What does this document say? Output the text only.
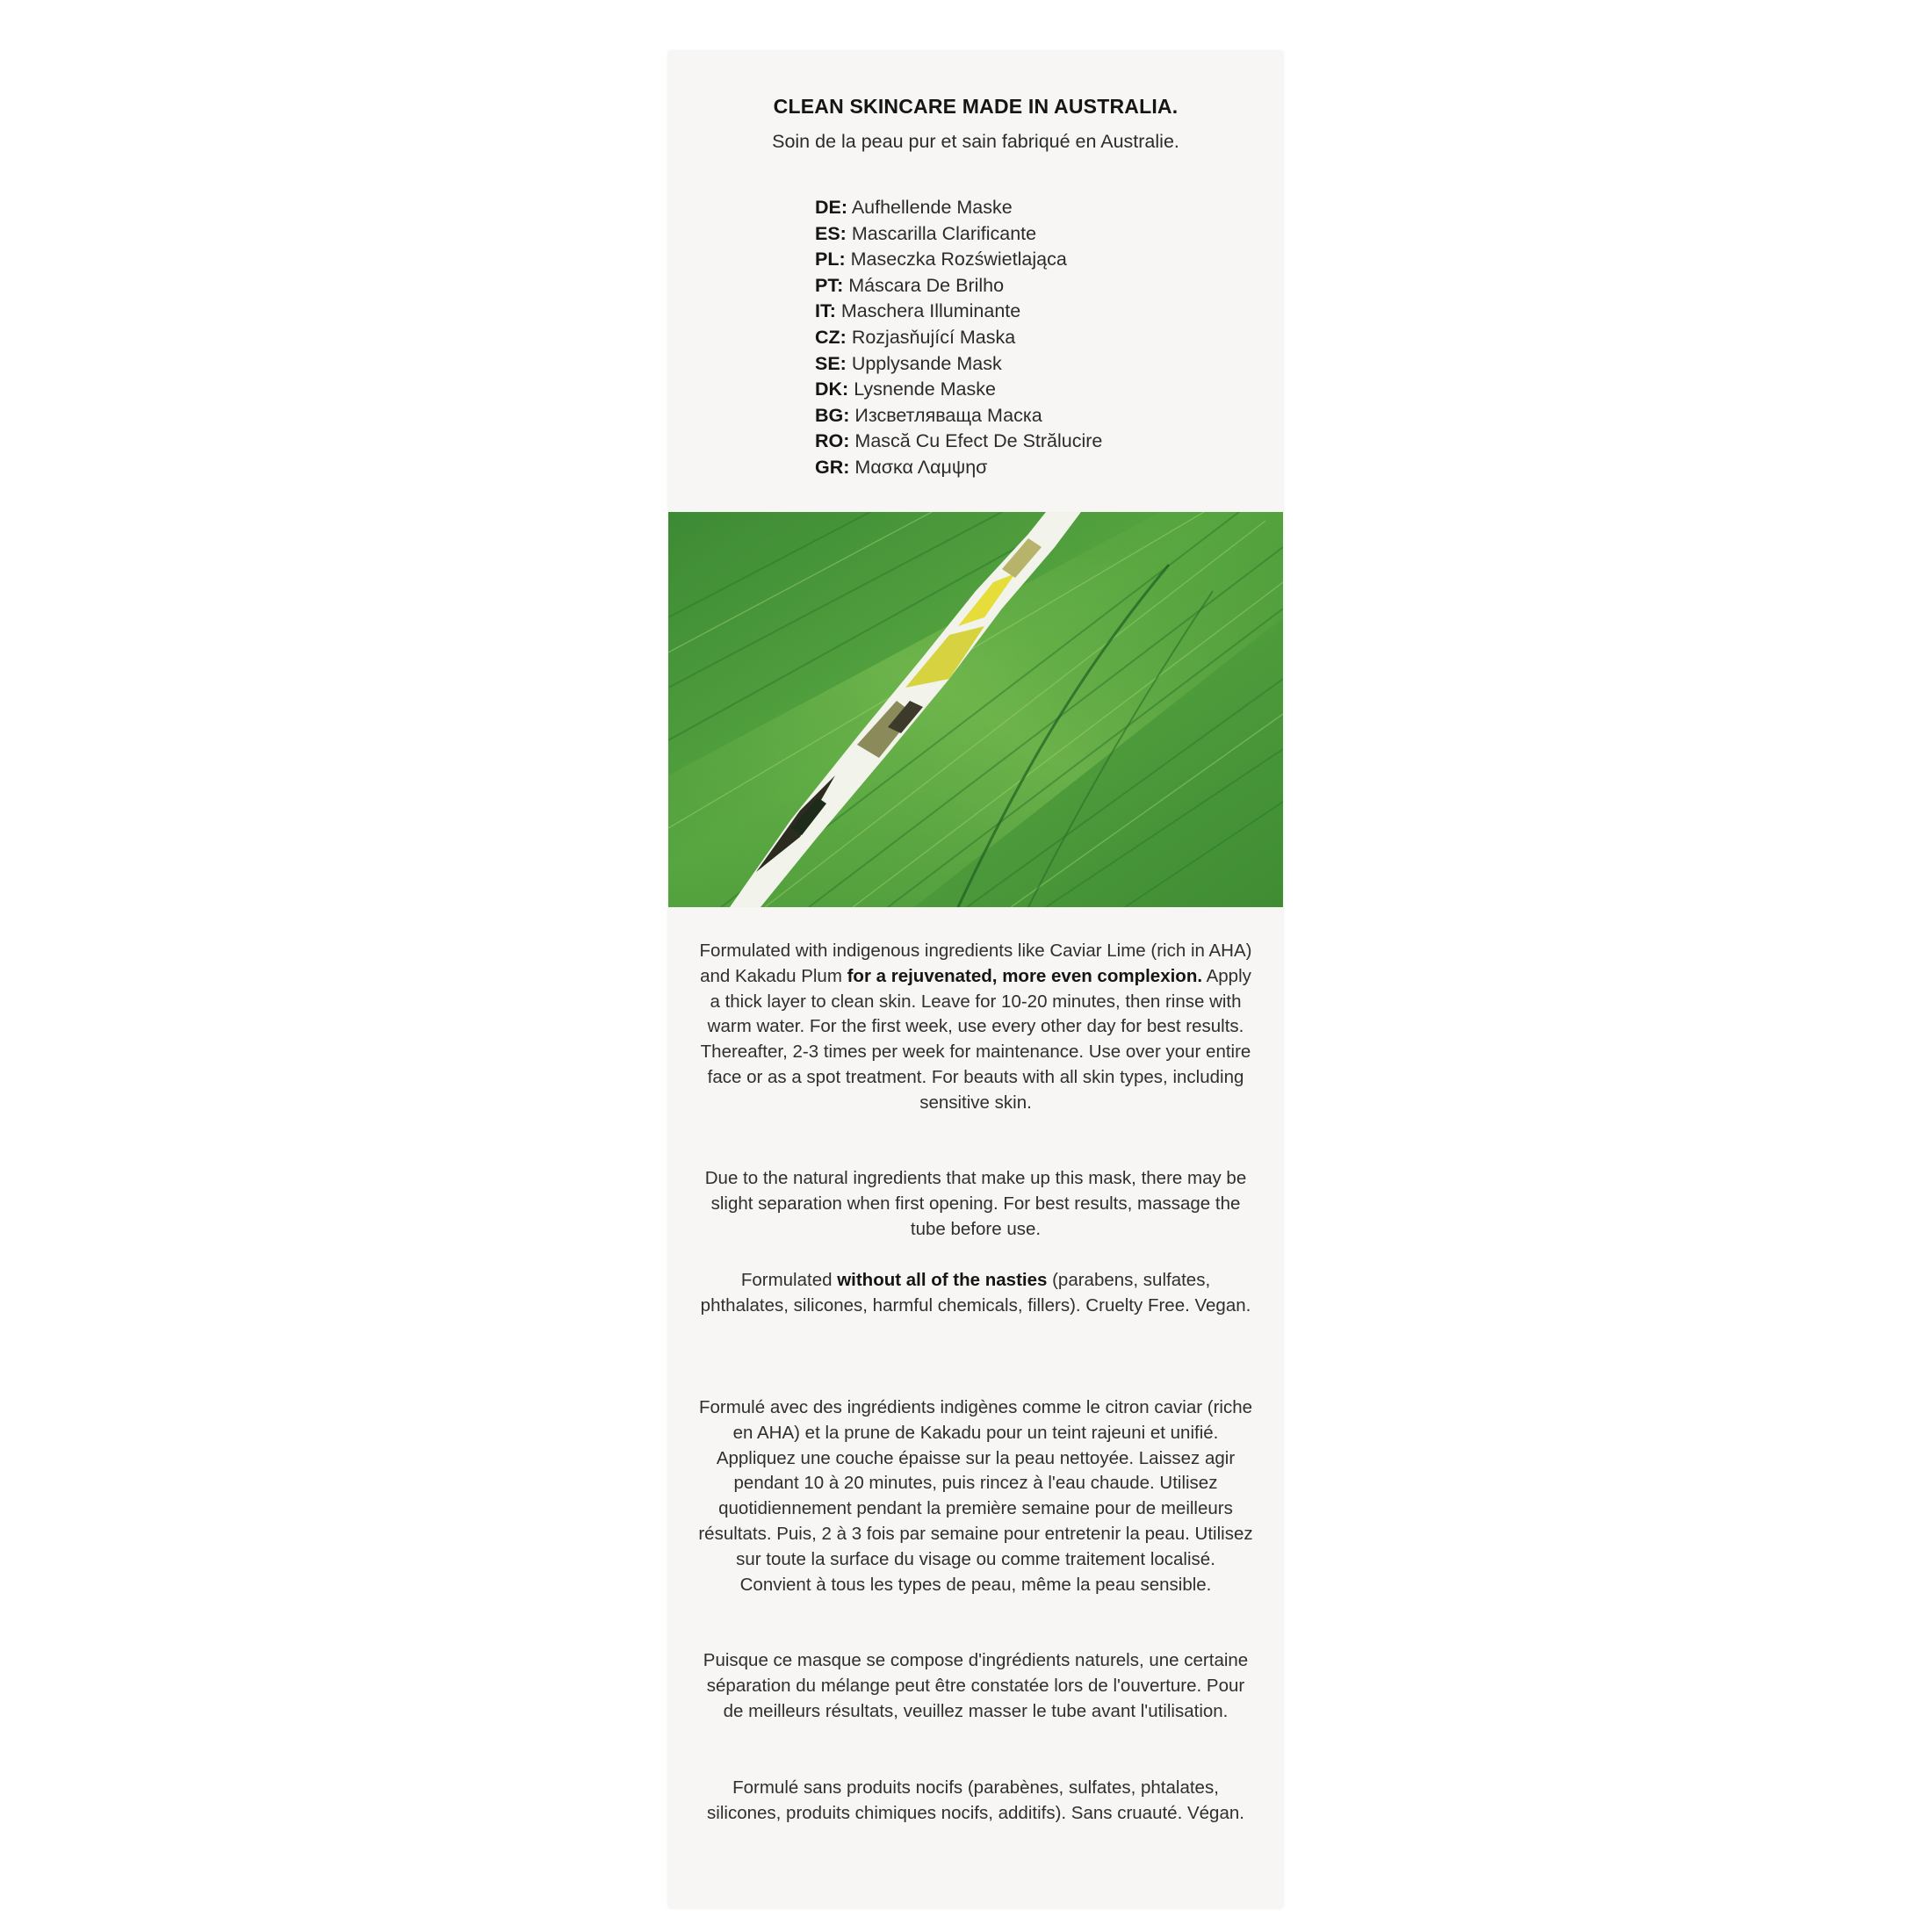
CLEAN SKINCARE MADE IN AUSTRALIA.
Soin de la peau pur et sain fabriqué en Australie.
DE: Aufhellende Maske
ES: Mascarilla Clarificante
PL: Maseczka Rozświetlająca
PT: Máscara De Brilho
IT: Maschera Illuminante
CZ: Rozjasňující Maska
SE: Upplysande Mask
DK: Lysnende Maske
BG: Изсветляваща Маска
RO: Mască Cu Efect De Strălucire
GR: Μασκα Λαμψησ
Formulated with indigenous ingredients like Caviar Lime (rich in AHA) and Kakadu Plum for a rejuvenated, more even complexion. Apply a thick layer to clean skin. Leave for 10-20 minutes, then rinse with warm water. For the first week, use every other day for best results. Thereafter, 2-3 times per week for maintenance. Use over your entire face or as a spot treatment. For beauts with all skin types, including sensitive skin.
Due to the natural ingredients that make up this mask, there may be slight separation when first opening. For best results, massage the tube before use.
Formulated without all of the nasties (parabens, sulfates, phthalates, silicones, harmful chemicals, fillers). Cruelty Free. Vegan.
Formulé avec des ingrédients indigènes comme le citron caviar (riche en AHA) et la prune de Kakadu pour un teint rajeuni et unifié. Appliquez une couche épaisse sur la peau nettoyée. Laissez agir pendant 10 à 20 minutes, puis rincez à l'eau chaude. Utilisez quotidiennement pendant la première semaine pour de meilleurs résultats. Puis, 2 à 3 fois par semaine pour entretenir la peau. Utilisez sur toute la surface du visage ou comme traitement localisé. Convient à tous les types de peau, même la peau sensible.
Puisque ce masque se compose d'ingrédients naturels, une certaine séparation du mélange peut être constatée lors de l'ouverture. Pour de meilleurs résultats, veuillez masser le tube avant l'utilisation.
Formulé sans produits nocifs (parabènes, sulfates, phtalates, silicones, produits chimiques nocifs, additifs). Sans cruauté. Végan.
